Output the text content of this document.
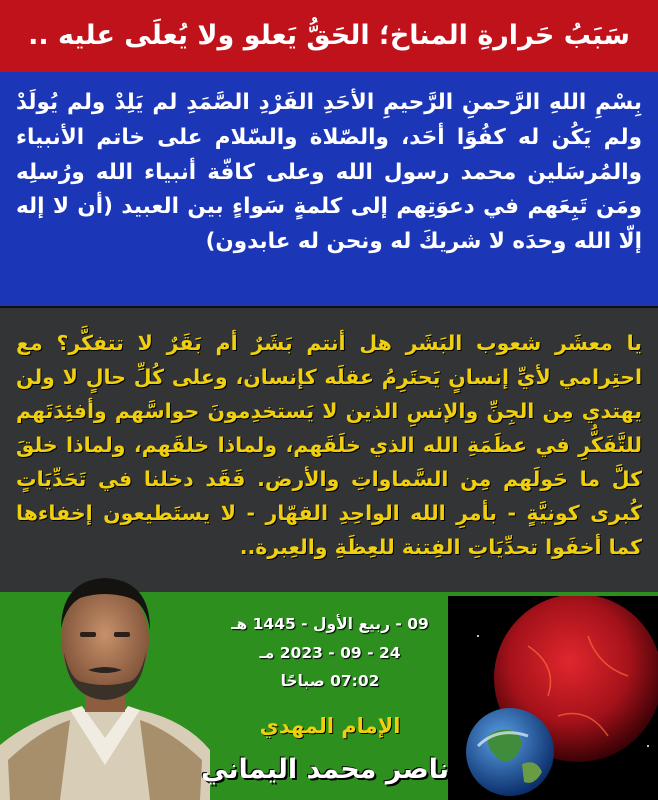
سَبَبُ حَرارةِ المناخ؛ الحَقُّ يَعلو ولا يُعلَى عليه ..

بِسْمِ اللهِ الرَّحمنِ الرَّحيمِ الأحَدِ الفَرْدِ الصَّمَدِ لم يَلِدْ ولم يُولَدْ ولم يَكُن له كفُوًا أحَد، والصّلاة والسّلام على خاتم الأنبياء والمُرسَلين محمد رسول الله وعلى كافّة أنبياء الله ورُسلِه ومَن تَبِعَهم في دعوَتِهم إلى كلمةٍ سَواءٍ بين العبيد (أن لا إله إلّا الله وحدَه لا شريكَ له ونحن له عابدون)

يا معشَر شعوب البَشَر هل أنتم بَشَرٌ أم بَقَرٌ لا تتفكَّر؟ مع احتِرامي لأيِّ إنسانٍ يَحتَرِمُ عقلَه كإنسان، وعلى كُلِّ حالٍ لا ولن يهتدي مِن الجِنِّ والإنسِ الذين لا يَستخدِمونَ حواسَّهم وأفئِدَتَهم للتَّفَكُّرِ في عظَمَةِ الله الذي خلَقَهم، ولماذا خلقَهم، ولماذا خلقَ كلَّ ما حَولَهم مِن السَّماواتِ والأرض. فَقَد دخلنا في تَحَدِّيَاتٍ كُبرى كونيَّةٍ - بأمرِ الله الواحِدِ القهّار - لا يستَطيعون إخفاءها كما أخفَوا تحدِّيَاتِ الفِتنة للعِظَةِ والعِبرة..

09 - ربيع الأول - 1445 هـ
24 - 09 - 2023 مـ
07:02 صباحًا
الإمام المهدي
ناصر محمد اليماني
